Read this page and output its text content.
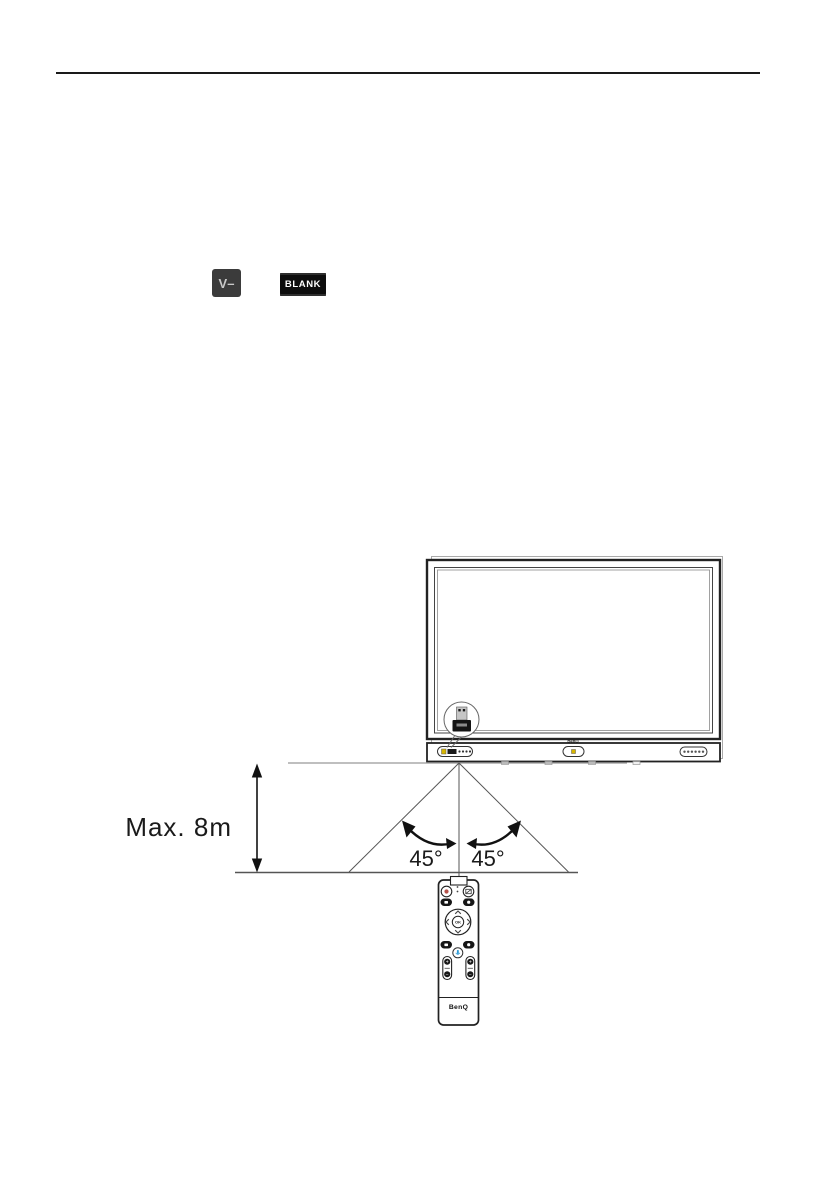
V–	BLANK
BenQ
Max. 8m
45° 45°
OK
+
−
+
−
BenQ
